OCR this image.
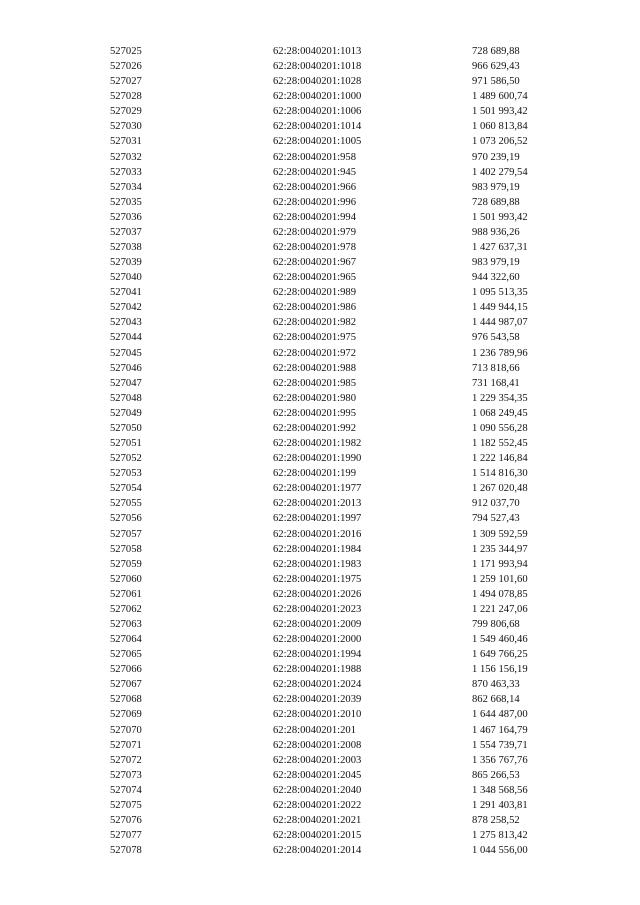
527025	62:28:0040201:1013	728 689,88
527026	62:28:0040201:1018	966 629,43
527027	62:28:0040201:1028	971 586,50
527028	62:28:0040201:1000	1 489 600,74
527029	62:28:0040201:1006	1 501 993,42
527030	62:28:0040201:1014	1 060 813,84
527031	62:28:0040201:1005	1 073 206,52
527032	62:28:0040201:958	970 239,19
527033	62:28:0040201:945	1 402 279,54
527034	62:28:0040201:966	983 979,19
527035	62:28:0040201:996	728 689,88
527036	62:28:0040201:994	1 501 993,42
527037	62:28:0040201:979	988 936,26
527038	62:28:0040201:978	1 427 637,31
527039	62:28:0040201:967	983 979,19
527040	62:28:0040201:965	944 322,60
527041	62:28:0040201:989	1 095 513,35
527042	62:28:0040201:986	1 449 944,15
527043	62:28:0040201:982	1 444 987,07
527044	62:28:0040201:975	976 543,58
527045	62:28:0040201:972	1 236 789,96
527046	62:28:0040201:988	713 818,66
527047	62:28:0040201:985	731 168,41
527048	62:28:0040201:980	1 229 354,35
527049	62:28:0040201:995	1 068 249,45
527050	62:28:0040201:992	1 090 556,28
527051	62:28:0040201:1982	1 182 552,45
527052	62:28:0040201:1990	1 222 146,84
527053	62:28:0040201:199	1 514 816,30
527054	62:28:0040201:1977	1 267 020,48
527055	62:28:0040201:2013	912 037,70
527056	62:28:0040201:1997	794 527,43
527057	62:28:0040201:2016	1 309 592,59
527058	62:28:0040201:1984	1 235 344,97
527059	62:28:0040201:1983	1 171 993,94
527060	62:28:0040201:1975	1 259 101,60
527061	62:28:0040201:2026	1 494 078,85
527062	62:28:0040201:2023	1 221 247,06
527063	62:28:0040201:2009	799 806,68
527064	62:28:0040201:2000	1 549 460,46
527065	62:28:0040201:1994	1 649 766,25
527066	62:28:0040201:1988	1 156 156,19
527067	62:28:0040201:2024	870 463,33
527068	62:28:0040201:2039	862 668,14
527069	62:28:0040201:2010	1 644 487,00
527070	62:28:0040201:201	1 467 164,79
527071	62:28:0040201:2008	1 554 739,71
527072	62:28:0040201:2003	1 356 767,76
527073	62:28:0040201:2045	865 266,53
527074	62:28:0040201:2040	1 348 568,56
527075	62:28:0040201:2022	1 291 403,81
527076	62:28:0040201:2021	878 258,52
527077	62:28:0040201:2015	1 275 813,42
527078	62:28:0040201:2014	1 044 556,00
